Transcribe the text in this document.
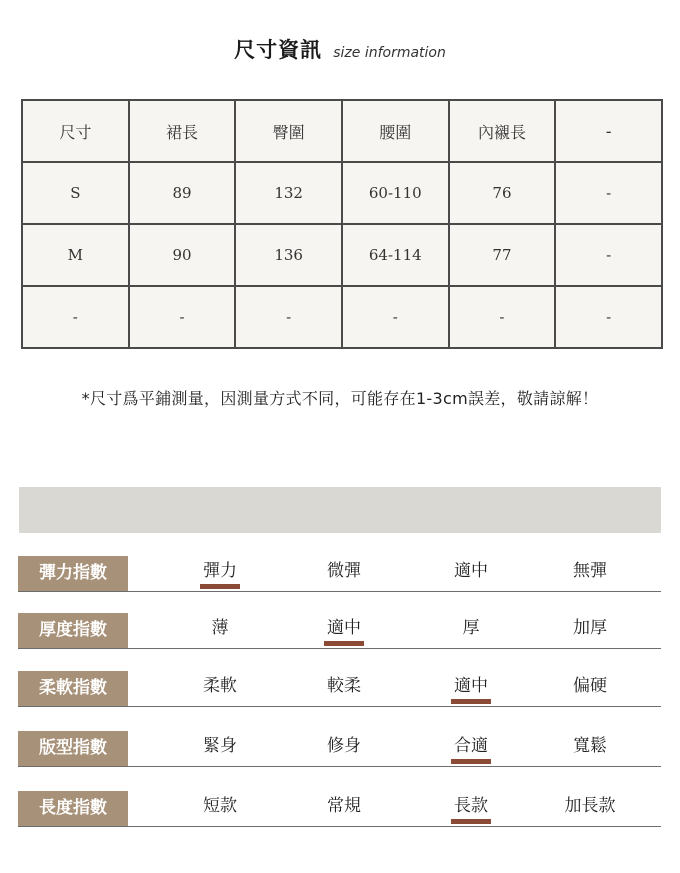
尺寸資訊 size information
尺寸	裙長	臀圍	腰圍	內襯長	-
S	89	132	60-110	76	-
M	90	136	64-114	77	-
-	-	-	-	-	-
*尺寸爲平鋪測量，因測量方式不同，可能存在1-3cm誤差，敬請諒解！
彈力指數	彈力	微彈	適中	無彈
厚度指數	薄	適中	厚	加厚
柔軟指數	柔軟	較柔	適中	偏硬
版型指數	緊身	修身	合適	寬鬆
長度指數	短款	常規	長款	加長款
